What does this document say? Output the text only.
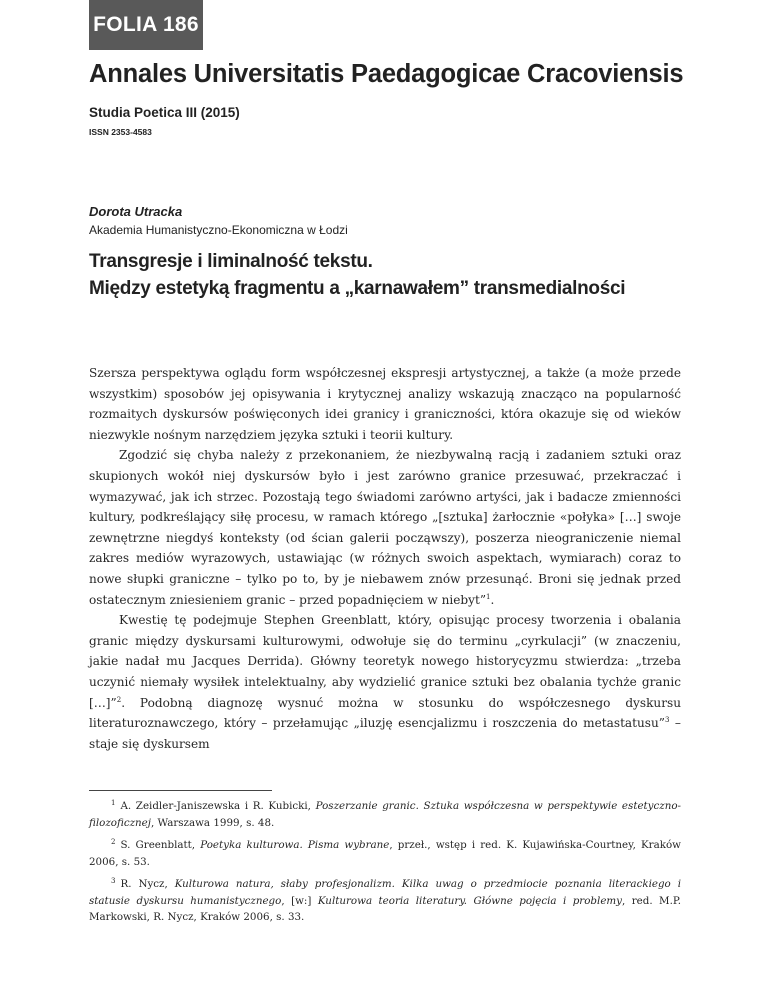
FOLIA 186
Annales Universitatis Paedagogicae Cracoviensis
Studia Poetica III (2015)
ISSN 2353-4583
Dorota Utracka
Akademia Humanistyczno-Ekonomiczna w Łodzi
Transgresje i liminalność tekstu.
Między estetyką fragmentu a „karnawałem” transmedialności

Szersza perspektywa oglądu form współczesnej ekspresji artystycznej, a także (a może przede wszystkim) sposobów jej opisywania i krytycznej analizy wskazują znacząco na popularność rozmaitych dyskursów poświęconych idei granicy i graniczności, która okazuje się od wieków niezwykle nośnym narzędziem języka sztuki i teorii kultury.

Zgodzić się chyba należy z przekonaniem, że niezbywalną racją i zadaniem sztuki oraz skupionych wokół niej dyskursów było i jest zarówno granice przesuwać, przekraczać i wymazywać, jak ich strzec. Pozostają tego świadomi zarówno artyści, jak i badacze zmienności kultury, podkreślający siłę procesu, w ramach którego „[sztuka] żarłocznie «połyka» […] swoje zewnętrzne niegdyś konteksty (od ścian galerii począwszy), poszerza nieograniczenie niemal zakres mediów wyrazowych, ustawiając (w różnych swoich aspektach, wymiarach) coraz to nowe słupki graniczne – tylko po to, by je niebawem znów przesunąć. Broni się jednak przed ostatecznym zniesieniem granic – przed popadnięciem w niebyt”$^1$.

Kwestię tę podejmuje Stephen Greenblatt, który, opisując procesy tworzenia i obalania granic między dyskursami kulturowymi, odwołuje się do terminu „cyrkulacji” (w znaczeniu, jakie nadał mu Jacques Derrida). Główny teoretyk nowego historycyzmu stwierdza: „trzeba uczynić niemały wysiłek intelektualny, aby wydzielić granice sztuki bez obalania tychże granic […]”$^2$. Podobną diagnozę wysnuć można w stosunku do współczesnego dyskursu literaturoznawczego, który – przełamując „iluzję esencjalizmu i roszczenia do metastatusu”$^3$ – staje się dyskursem

$^1$ A. Zeidler-Janiszewska i R. Kubicki, Poszerzanie granic. Sztuka współczesna w perspektywie estetyczno-filozoficznej, Warszawa 1999, s. 48.

$^2$ S. Greenblatt, Poetyka kulturowa. Pisma wybrane, przeł., wstęp i red. K. Kujawińska-Courtney, Kraków 2006, s. 53.

$^3$ R. Nycz, Kulturowa natura, słaby profesjonalizm. Kilka uwag o przedmiocie poznania literackiego i statusie dyskursu humanistycznego, [w:] Kulturowa teoria literatury. Główne pojęcia i problemy, red. M.P. Markowski, R. Nycz, Kraków 2006, s. 33.
